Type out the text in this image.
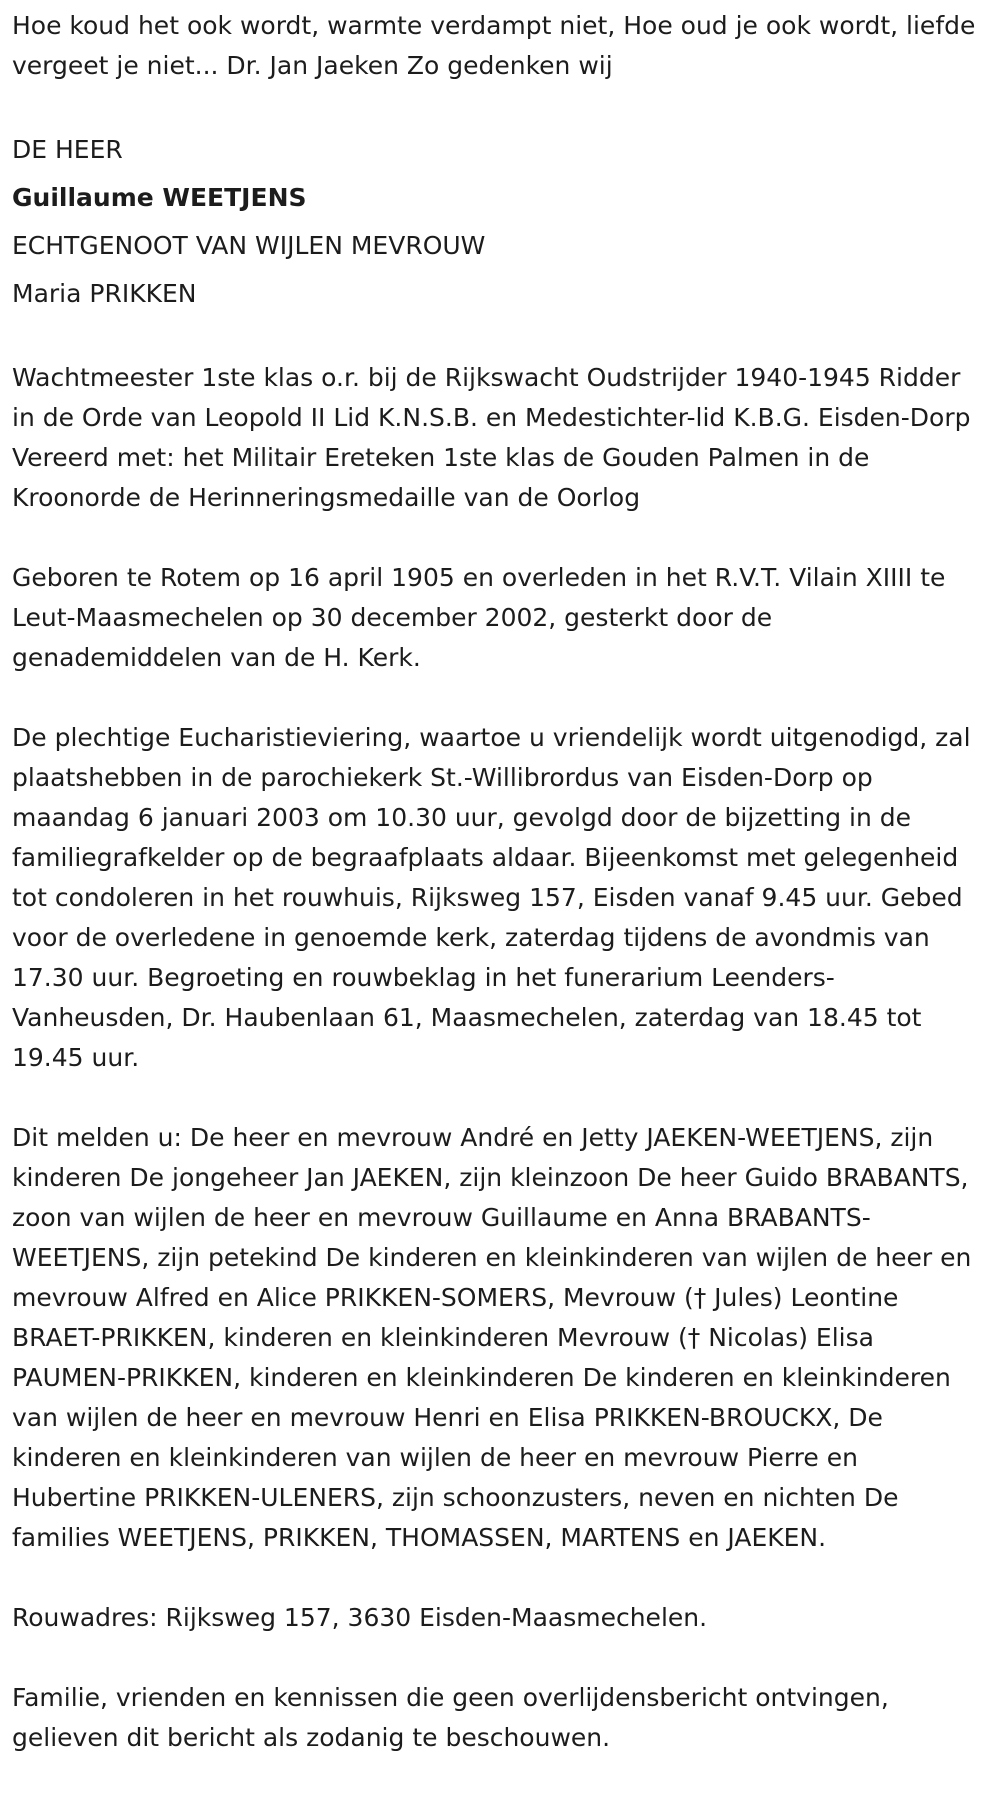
Hoe koud het ook wordt, warmte verdampt niet, Hoe oud je ook wordt, liefde vergeet je niet... Dr. Jan Jaeken Zo gedenken wij

DE HEER

Guillaume WEETJENS

ECHTGENOOT VAN WIJLEN MEVROUW

Maria PRIKKEN

Wachtmeester 1ste klas o.r. bij de Rijkswacht Oudstrijder 1940-1945 Ridder in de Orde van Leopold II Lid K.N.S.B. en Medestichter-lid K.B.G. Eisden-Dorp Vereerd met: het Militair Ereteken 1ste klas de Gouden Palmen in de Kroonorde de Herinneringsmedaille van de Oorlog

Geboren te Rotem op 16 april 1905 en overleden in het R.V.T. Vilain XIIII te Leut-Maasmechelen op 30 december 2002, gesterkt door de genademiddelen van de H. Kerk.

De plechtige Eucharistieviering, waartoe u vriendelijk wordt uitgenodigd, zal plaatshebben in de parochiekerk St.-Willibrordus van Eisden-Dorp op maandag 6 januari 2003 om 10.30 uur, gevolgd door de bijzetting in de familiegrafkelder op de begraafplaats aldaar. Bijeenkomst met gelegenheid tot condoleren in het rouwhuis, Rijksweg 157, Eisden vanaf 9.45 uur. Gebed voor de overledene in genoemde kerk, zaterdag tijdens de avondmis van 17.30 uur. Begroeting en rouwbeklag in het funerarium Leenders-Vanheusden, Dr. Haubenlaan 61, Maasmechelen, zaterdag van 18.45 tot 19.45 uur.

Dit melden u: De heer en mevrouw André en Jetty JAEKEN-WEETJENS, zijn kinderen De jongeheer Jan JAEKEN, zijn kleinzoon De heer Guido BRABANTS, zoon van wijlen de heer en mevrouw Guillaume en Anna BRABANTS-WEETJENS, zijn petekind De kinderen en kleinkinderen van wijlen de heer en mevrouw Alfred en Alice PRIKKEN-SOMERS, Mevrouw († Jules) Leontine BRAET-PRIKKEN, kinderen en kleinkinderen Mevrouw († Nicolas) Elisa PAUMEN-PRIKKEN, kinderen en kleinkinderen De kinderen en kleinkinderen van wijlen de heer en mevrouw Henri en Elisa PRIKKEN-BROUCKX, De kinderen en kleinkinderen van wijlen de heer en mevrouw Pierre en Hubertine PRIKKEN-ULENERS, zijn schoonzusters, neven en nichten De families WEETJENS, PRIKKEN, THOMASSEN, MARTENS en JAEKEN.

Rouwadres: Rijksweg 157, 3630 Eisden-Maasmechelen.

Familie, vrienden en kennissen die geen overlijdensbericht ontvingen, gelieven dit bericht als zodanig te beschouwen.
